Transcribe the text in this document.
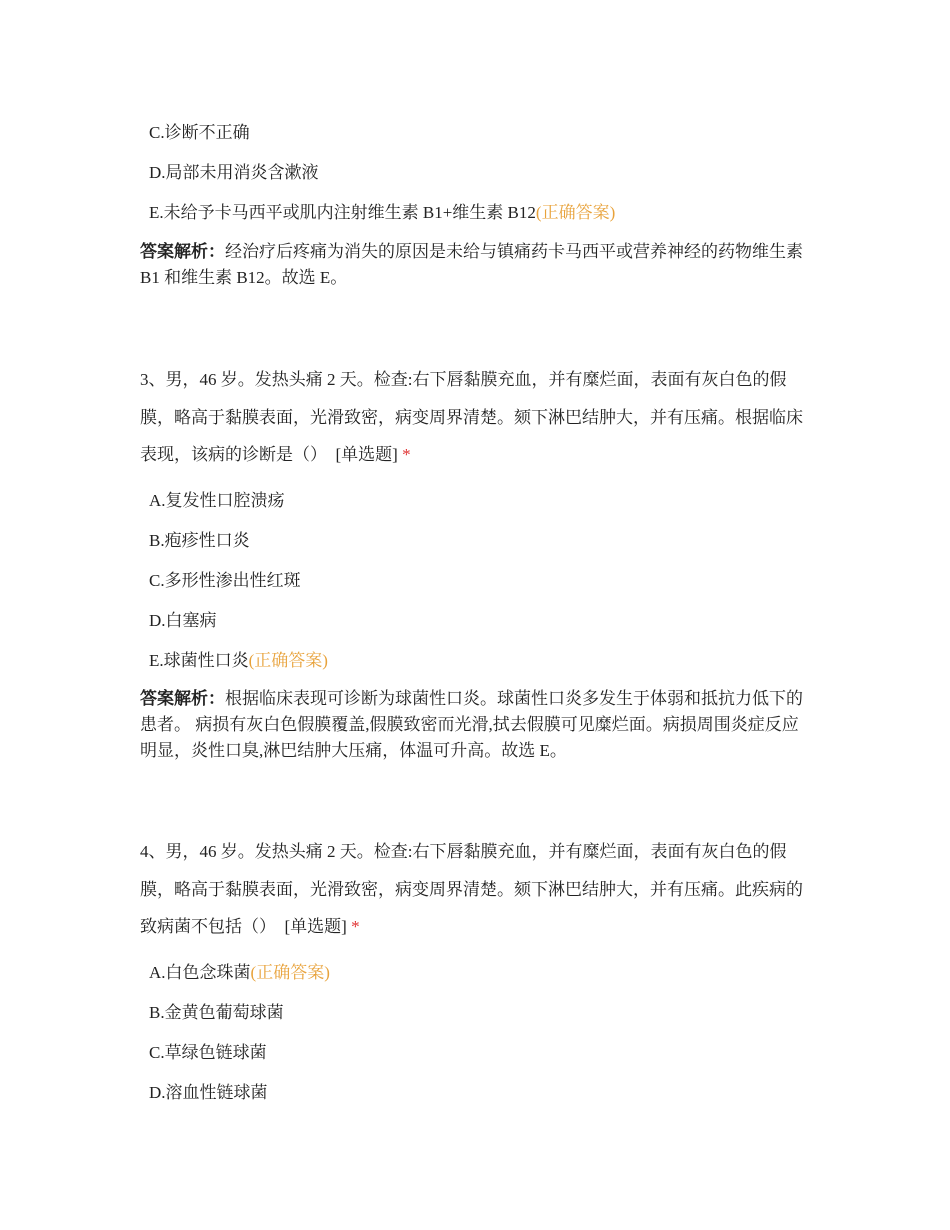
C.诊断不正确
D.局部未用消炎含漱液
E.未给予卡马西平或肌内注射维生素 B1+维生素 B12(正确答案)
答案解析：经治疗后疼痛为消失的原因是未给与镇痛药卡马西平或营养神经的药物维生素 B1 和维生素 B12。故选 E。
3、男，46 岁。发热头痛 2 天。检查:右下唇黏膜充血，并有糜烂面，表面有灰白色的假膜，略高于黏膜表面，光滑致密，病变周界清楚。颏下淋巴结肿大，并有压痛。根据临床表现，该病的诊断是（） [单选题] *
A.复发性口腔溃疡
B.疱疹性口炎
C.多形性渗出性红斑
D.白塞病
E.球菌性口炎(正确答案)
答案解析：根据临床表现可诊断为球菌性口炎。球菌性口炎多发生于体弱和抵抗力低下的患者。 病损有灰白色假膜覆盖,假膜致密而光滑,拭去假膜可见糜烂面。病损周围炎症反应明显，炎性口臭,淋巴结肿大压痛，体温可升高。故选 E。
4、男，46 岁。发热头痛 2 天。检查:右下唇黏膜充血，并有糜烂面，表面有灰白色的假膜，略高于黏膜表面，光滑致密，病变周界清楚。颏下淋巴结肿大，并有压痛。此疾病的致病菌不包括（） [单选题] *
A.白色念珠菌(正确答案)
B.金黄色葡萄球菌
C.草绿色链球菌
D.溶血性链球菌
